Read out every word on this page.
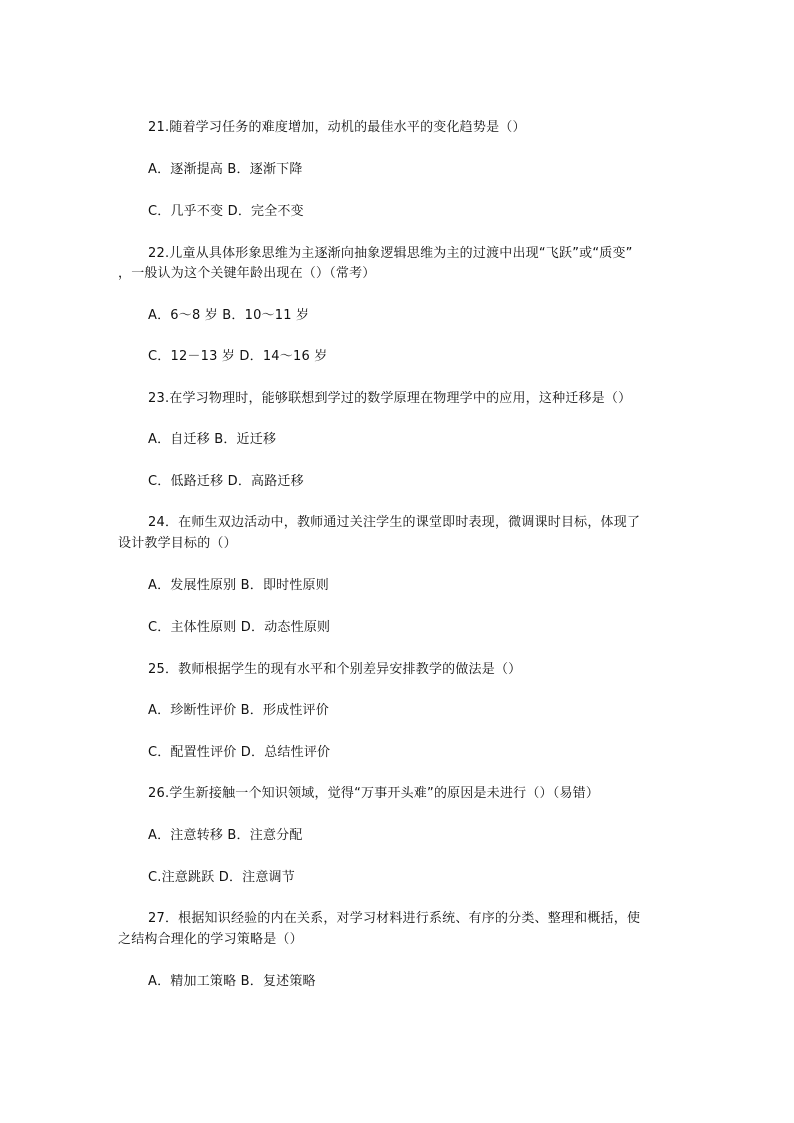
21.随着学习任务的难度增加，动机的最佳水平的变化趋势是（）
A．逐渐提高 B．逐渐下降
C．几乎不变 D．完全不变
22.儿童从具体形象思维为主逐渐向抽象逻辑思维为主的过渡中出现“飞跃”或“质变”
，一般认为这个关键年龄出现在（）（常考）
A．6～8 岁 B．10～11 岁
C．12－13 岁 D．14～16 岁
23.在学习物理时，能够联想到学过的数学原理在物理学中的应用，这种迁移是（）
A．自迁移 B．近迁移
C．低路迁移 D．高路迁移
24．在师生双边活动中，教师通过关注学生的课堂即时表现，微调课时目标，体现了
设计教学目标的（）
A．发展性原别 B．即时性原则
C．主体性原则 D．动态性原则
25．教师根据学生的现有水平和个别差异安排教学的做法是（）
A．珍断性评价 B．形成性评价
C．配置性评价 D．总结性评价
26.学生新接触一个知识领域，觉得“万事开头难”的原因是未进行（）（易错）
A．注意转移 B．注意分配
C.注意跳跃 D．注意调节
27．根据知识经验的内在关系，对学习材料进行系统、有序的分类、整理和概括，使
之结构合理化的学习策略是（）
A．精加工策略 B．复述策略
